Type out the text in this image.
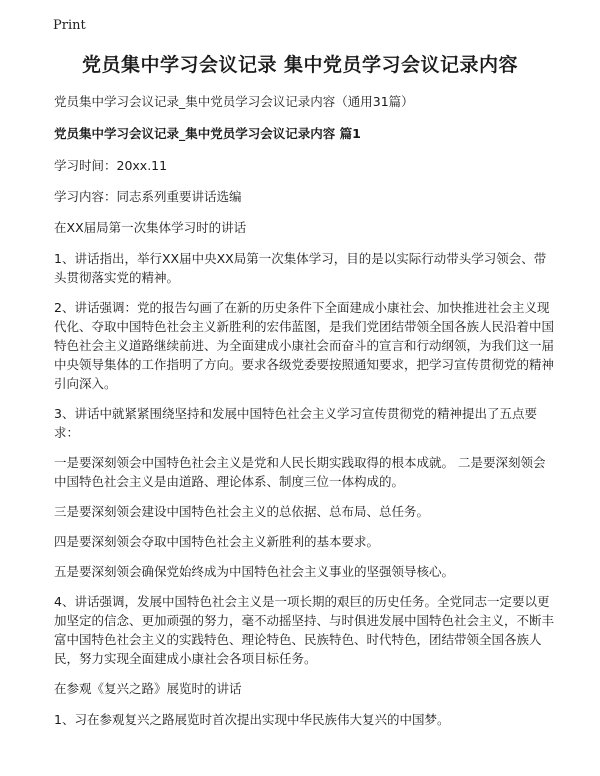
Print
党员集中学习会议记录 集中党员学习会议记录内容

党员集中学习会议记录_集中党员学习会议记录内容（通用31篇）

党员集中学习会议记录_集中党员学习会议记录内容 篇1

学习时间：20xx.11

学习内容：同志系列重要讲话选编

在XX届局第一次集体学习时的讲话

1、讲话指出，举行XX届中央XX局第一次集体学习，目的是以实际行动带头学习领会、带头贯彻落实党的精神。

2、讲话强调：党的报告勾画了在新的历史条件下全面建成小康社会、加快推进社会主义现代化、夺取中国特色社会主义新胜利的宏伟蓝图，是我们党团结带领全国各族人民沿着中国特色社会主义道路继续前进、为全面建成小康社会而奋斗的宣言和行动纲领，为我们这一届中央领导集体的工作指明了方向。要求各级党委要按照通知要求，把学习宣传贯彻党的精神引向深入。

3、讲话中就紧紧围绕坚持和发展中国特色社会主义学习宣传贯彻党的精神提出了五点要求：

一是要深刻领会中国特色社会主义是党和人民长期实践取得的根本成就。 二是要深刻领会中国特色社会主义是由道路、理论体系、制度三位一体构成的。

三是要深刻领会建设中国特色社会主义的总依据、总布局、总任务。

四是要深刻领会夺取中国特色社会主义新胜利的基本要求。

五是要深刻领会确保党始终成为中国特色社会主义事业的坚强领导核心。

4、讲话强调，发展中国特色社会主义是一项长期的艰巨的历史任务。全党同志一定要以更加坚定的信念、更加顽强的努力，毫不动摇坚持、与时俱进发展中国特色社会主义，不断丰富中国特色社会主义的实践特色、理论特色、民族特色、时代特色，团结带领全国各族人民，努力实现全面建成小康社会各项目标任务。

在参观《复兴之路》展览时的讲话

1、习在参观复兴之路展览时首次提出实现中华民族伟大复兴的中国梦。
